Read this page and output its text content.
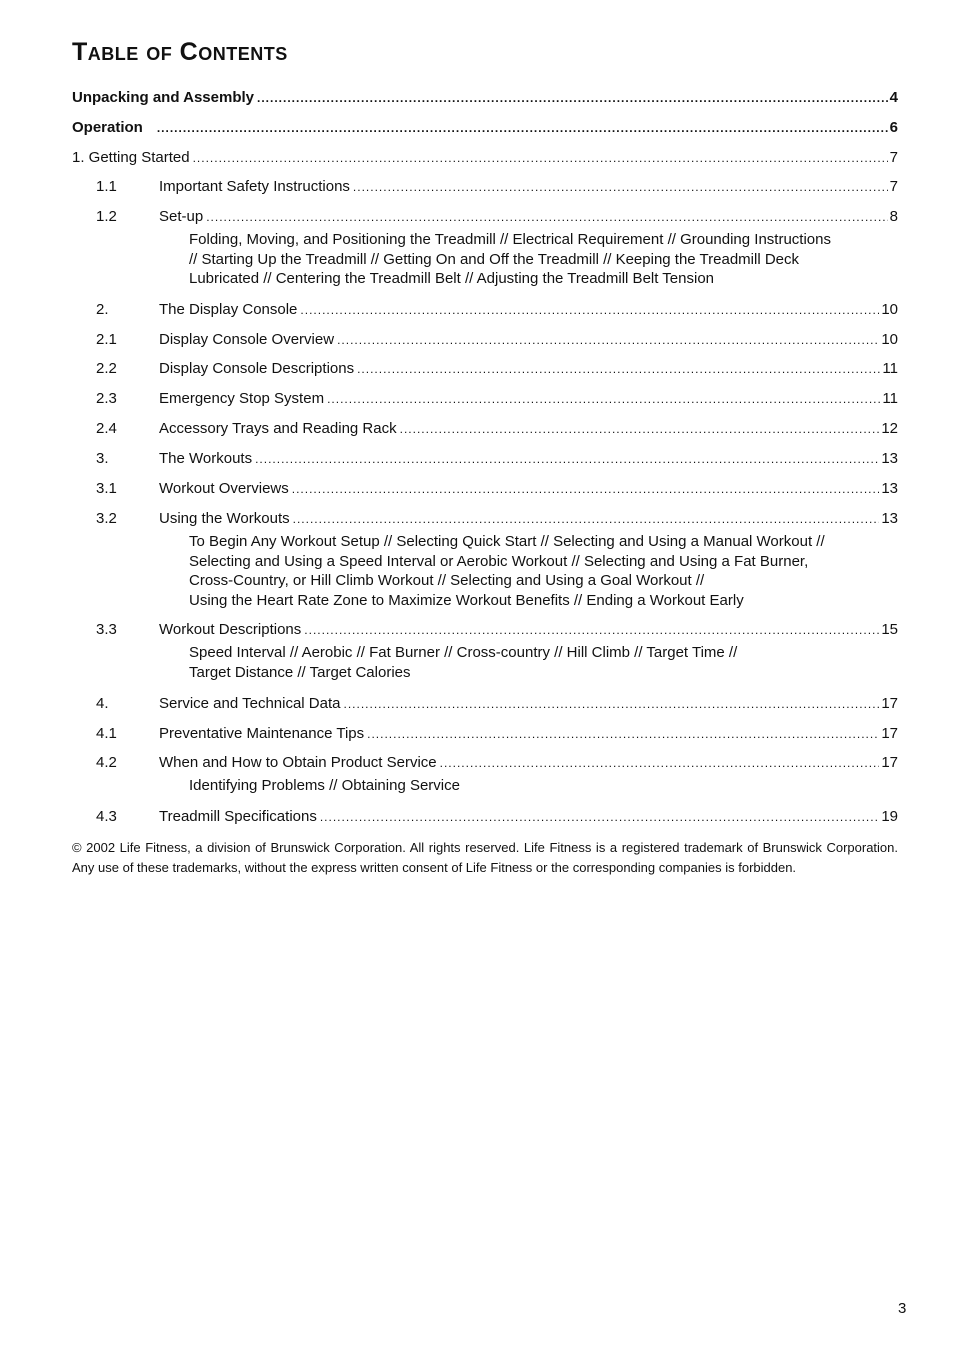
Table of Contents
Unpacking and Assembly .....	4
Operation .....	6
1. Getting Started .....	7
1.1	Important Safety Instructions .....	7
1.2	Set-up .....	8
Folding, Moving, and Positioning the Treadmill // Electrical Requirement // Grounding Instructions
// Starting Up the Treadmill // Getting On and Off the Treadmill // Keeping the Treadmill Deck
Lubricated // Centering the Treadmill Belt // Adjusting the Treadmill Belt Tension
2.	The Display Console .....	10
2.1	Display Console Overview .....	10
2.2	Display Console Descriptions .....	11
2.3	Emergency Stop System .....	11
2.4	Accessory Trays and Reading Rack .....	12
3.	The Workouts .....	13
3.1	Workout Overviews .....	13
3.2	Using the Workouts .....	13
To Begin Any Workout Setup // Selecting Quick Start // Selecting and Using a Manual Workout //
Selecting and Using a Speed Interval or Aerobic Workout // Selecting and Using a Fat Burner,
Cross-Country, or Hill Climb Workout // Selecting and Using a Goal Workout //
Using the Heart Rate Zone to Maximize Workout Benefits // Ending a Workout Early
3.3	Workout Descriptions .....	15
Speed Interval // Aerobic // Fat Burner // Cross-country // Hill Climb // Target Time //
Target Distance // Target Calories
4.	Service and Technical Data .....	17
4.1	Preventative Maintenance Tips .....	17
4.2	When and How to Obtain Product Service .....	17
Identifying Problems // Obtaining Service
4.3	Treadmill Specifications .....	19
© 2002 Life Fitness, a division of Brunswick Corporation. All rights reserved. Life Fitness is a registered trademark of Brunswick Corporation. Any use of these trademarks, without the express written consent of Life Fitness or the corresponding companies is forbidden.
3
